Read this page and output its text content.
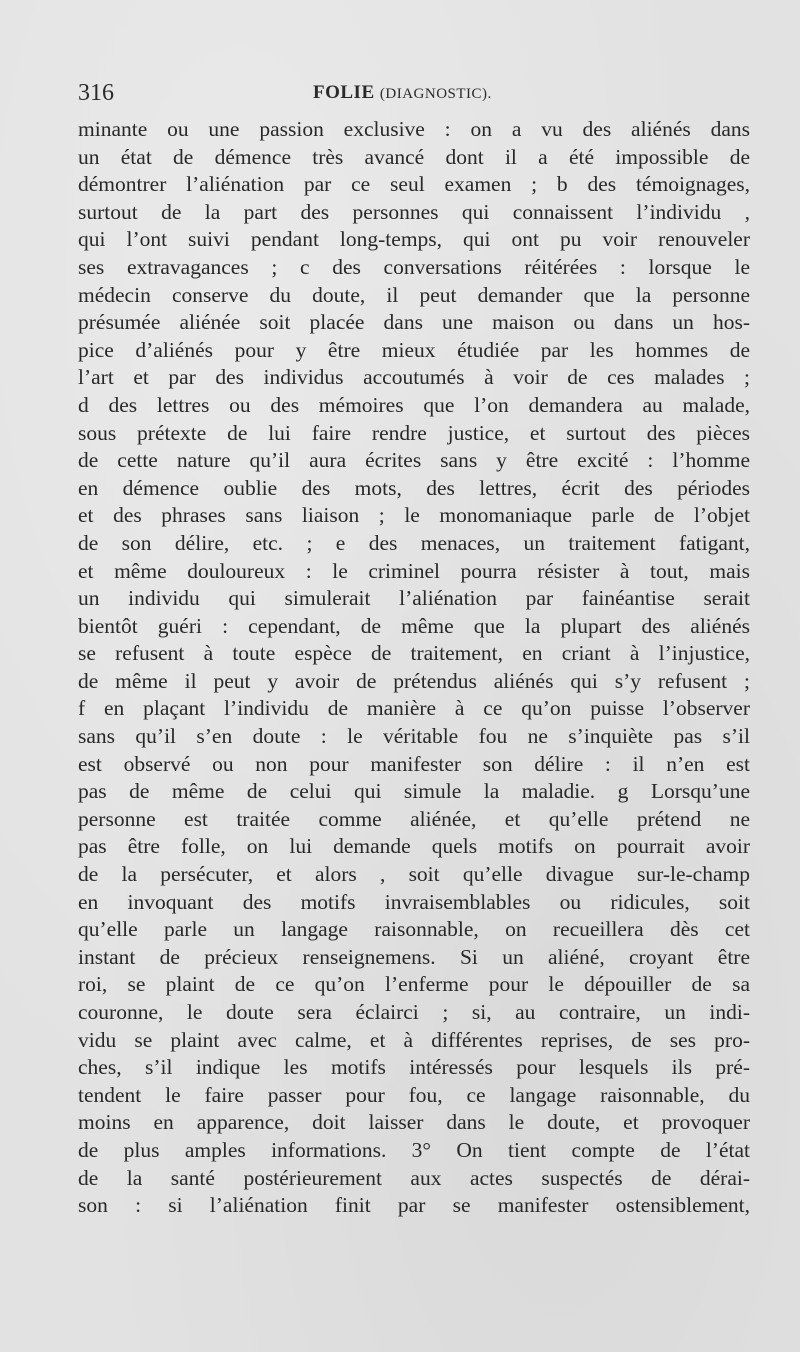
316	FOLIE (DIAGNOSTIC).
minante ou une passion exclusive : on a vu des aliénés dans
un état de démence très avancé dont il a été impossible de
démontrer l’aliénation par ce seul examen ; b des témoignages,
surtout de la part des personnes qui connaissent l’individu ,
qui l’ont suivi pendant long-temps, qui ont pu voir renouveler
ses extravagances ; c des conversations réitérées : lorsque le
médecin conserve du doute, il peut demander que la personne
présumée aliénée soit placée dans une maison ou dans un hos-
pice d’aliénés pour y être mieux étudiée par les hommes de
l’art et par des individus accoutumés à voir de ces malades ;
d des lettres ou des mémoires que l’on demandera au malade,
sous prétexte de lui faire rendre justice, et surtout des pièces
de cette nature qu’il aura écrites sans y être excité : l’homme
en démence oublie des mots, des lettres, écrit des périodes
et des phrases sans liaison ; le monomaniaque parle de l’objet
de son délire, etc. ; e des menaces, un traitement fatigant,
et même douloureux : le criminel pourra résister à tout, mais
un individu qui simulerait l’aliénation par fainéantise serait
bientôt guéri : cependant, de même que la plupart des aliénés
se refusent à toute espèce de traitement, en criant à l’injustice,
de même il peut y avoir de prétendus aliénés qui s’y refusent ;
f en plaçant l’individu de manière à ce qu’on puisse l’observer
sans qu’il s’en doute : le véritable fou ne s’inquiète pas s’il
est observé ou non pour manifester son délire : il n’en est
pas de même de celui qui simule la maladie. g Lorsqu’une
personne est traitée comme aliénée, et qu’elle prétend ne
pas être folle, on lui demande quels motifs on pourrait avoir
de la persécuter, et alors , soit qu’elle divague sur-le-champ
en invoquant des motifs invraisemblables ou ridicules, soit
qu’elle parle un langage raisonnable, on recueillera dès cet
instant de précieux renseignemens. Si un aliéné, croyant être
roi, se plaint de ce qu’on l’enferme pour le dépouiller de sa
couronne, le doute sera éclairci ; si, au contraire, un indi-
vidu se plaint avec calme, et à différentes reprises, de ses pro-
ches, s’il indique les motifs intéressés pour lesquels ils pré-
tendent le faire passer pour fou, ce langage raisonnable, du
moins en apparence, doit laisser dans le doute, et provoquer
de plus amples informations. 3° On tient compte de l’état
de la santé postérieurement aux actes suspectés de dérai-
son : si l’aliénation finit par se manifester ostensiblement,
